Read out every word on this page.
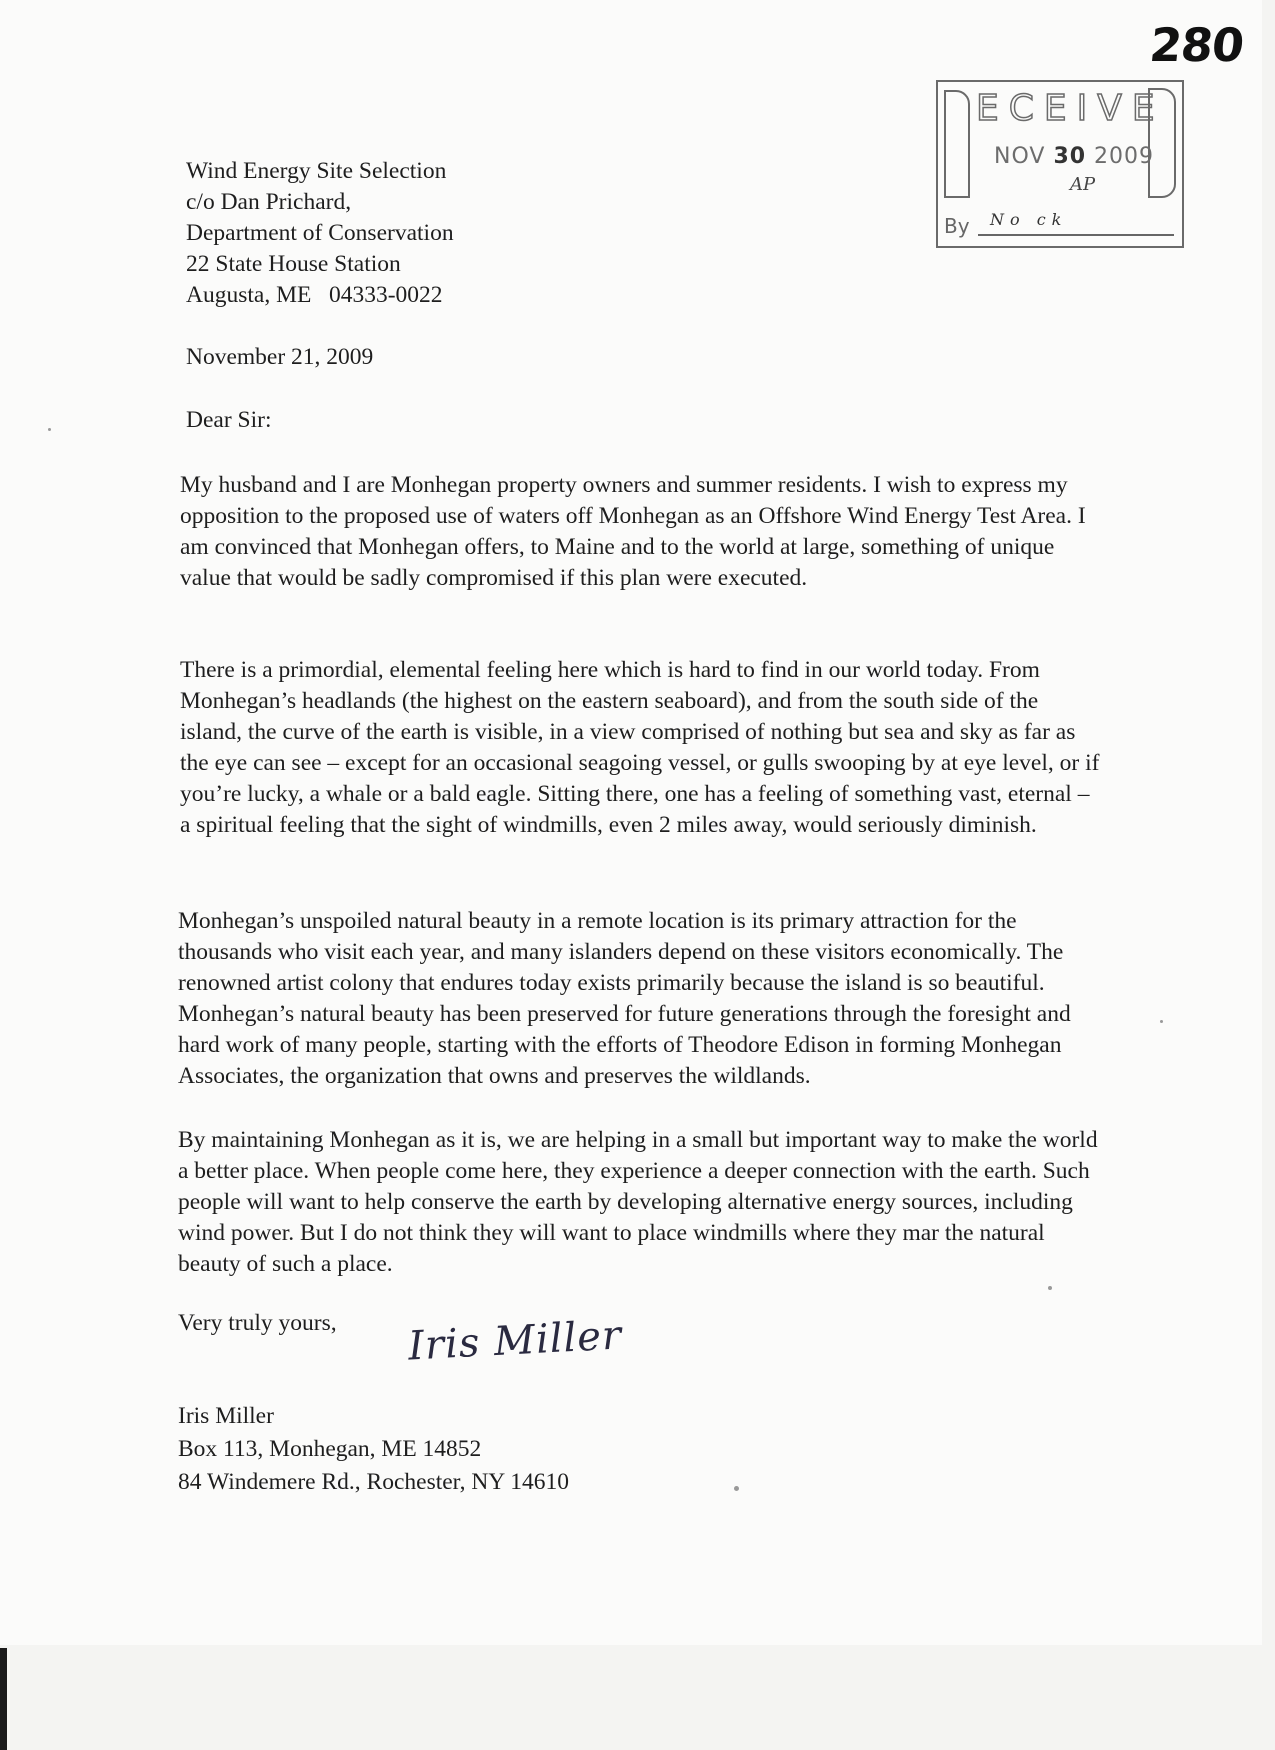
280
ECEIVE
NOV 30 2009
AP
By No ck
Wind Energy Site Selection
c/o Dan Prichard,
Department of Conservation
22 State House Station
Augusta, ME   04333-0022
November 21, 2009
Dear Sir:
My husband and I are Monhegan property owners and summer residents. I wish to express my opposition to the proposed use of waters off Monhegan as an Offshore Wind Energy Test Area. I am convinced that Monhegan offers, to Maine and to the world at large, something of unique value that would be sadly compromised if this plan were executed.
There is a primordial, elemental feeling here which is hard to find in our world today. From Monhegan’s headlands (the highest on the eastern seaboard), and from the south side of the island, the curve of the earth is visible, in a view comprised of nothing but sea and sky as far as the eye can see – except for an occasional seagoing vessel, or gulls swooping by at eye level, or if you’re lucky, a whale or a bald eagle. Sitting there, one has a feeling of something vast, eternal – a spiritual feeling that the sight of windmills, even 2 miles away, would seriously diminish.
Monhegan’s unspoiled natural beauty in a remote location is its primary attraction for the thousands who visit each year, and many islanders depend on these visitors economically. The renowned artist colony that endures today exists primarily because the island is so beautiful. Monhegan’s natural beauty has been preserved for future generations through the foresight and hard work of many people, starting with the efforts of Theodore Edison in forming Monhegan Associates, the organization that owns and preserves the wildlands.
By maintaining Monhegan as it is, we are helping in a small but important way to make the world a better place. When people come here, they experience a deeper connection with the earth. Such people will want to help conserve the earth by developing alternative energy sources, including wind power. But I do not think they will want to place windmills where they mar the natural beauty of such a place.
Very truly yours, Iris Miller
Iris Miller
Box 113, Monhegan, ME 14852
84 Windemere Rd., Rochester, NY 14610
